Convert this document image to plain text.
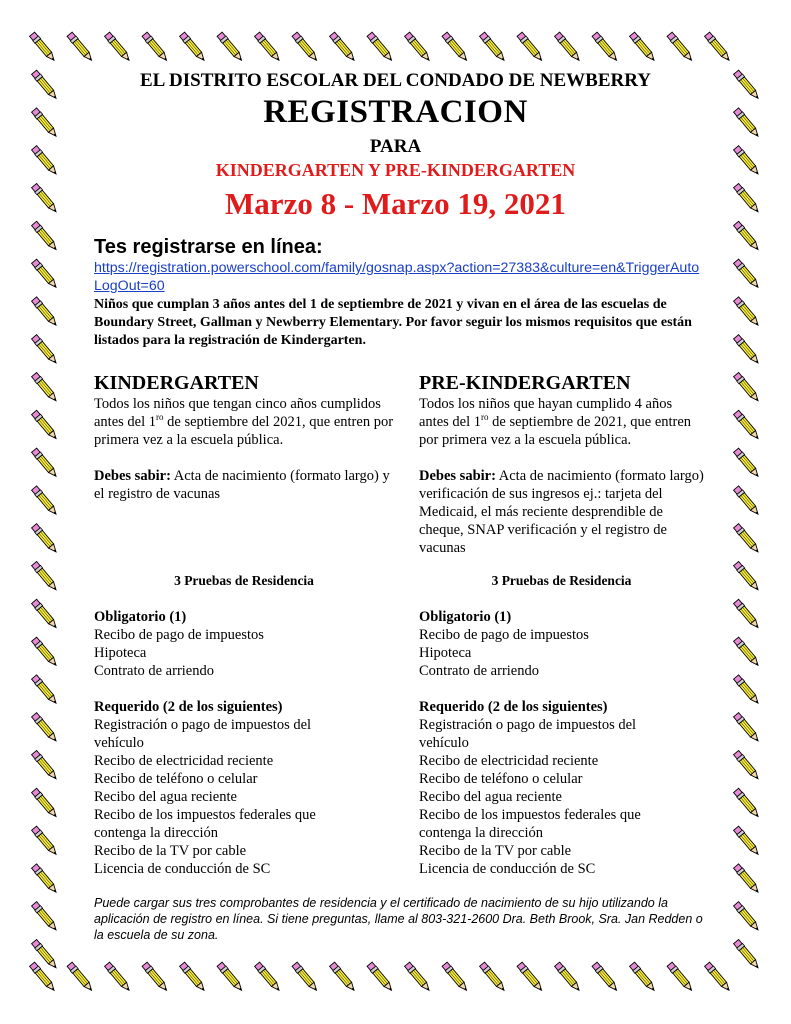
EL DISTRITO ESCOLAR DEL CONDADO DE NEWBERRY
REGISTRACION
PARA
KINDERGARTEN Y PRE-KINDERGARTEN
Marzo 8 - Marzo 19, 2021
Tes registrarse en línea:
https://registration.powerschool.com/family/gosnap.aspx?action=27383&culture=en&TriggerAutoLogOut=60
Niños que cumplan 3 años antes del 1 de septiembre de 2021 y vivan en el área de las escuelas de Boundary Street, Gallman y Newberry Elementary. Por favor seguir los mismos requisitos que están listados para la registración de Kindergarten.
KINDERGARTEN

Todos los niños que tengan cinco años cumplidos antes del $1^{ro}$ de septiembre del 2021, que entren por primera vez a la escuela pública.

Debes sabir: Acta de nacimiento (formato largo) y el registro de vacunas

PRE-KINDERGARTEN

Todos los niños que hayan cumplido 4 años antes del $1^{ro}$ de septiembre de 2021, que entren por primera vez a la escuela pública.

Debes sabir: Acta de nacimiento (formato largo) verificación de sus ingresos ej.: tarjeta del Medicaid, el más reciente desprendible de cheque, SNAP verificación y el registro de vacunas

3 Pruebas de Residencia
Obligatorio (1)
Recibo de pago de impuestos
Hipoteca
Contrato de arriendo
Requerido (2 de los siguientes)
Registración o pago de impuestos del vehículo
Recibo de electricidad reciente
Recibo de teléfono o celular
Recibo del agua reciente
Recibo de los impuestos federales que contenga la dirección
Recibo de la TV por cable
Licencia de conducción de SC
3 Pruebas de Residencia
Obligatorio (1)
Recibo de pago de impuestos
Hipoteca
Contrato de arriendo
Requerido (2 de los siguientes)
Registración o pago de impuestos del vehículo
Recibo de electricidad reciente
Recibo de teléfono o celular
Recibo del agua reciente
Recibo de los impuestos federales que contenga la dirección
Recibo de la TV por cable
Licencia de conducción de SC
Puede cargar sus tres comprobantes de residencia y el certificado de nacimiento de su hijo utilizando la aplicación de registro en línea. Si tiene preguntas, llame al 803-321-2600 Dra. Beth Brook, Sra. Jan Redden o la escuela de su zona.
